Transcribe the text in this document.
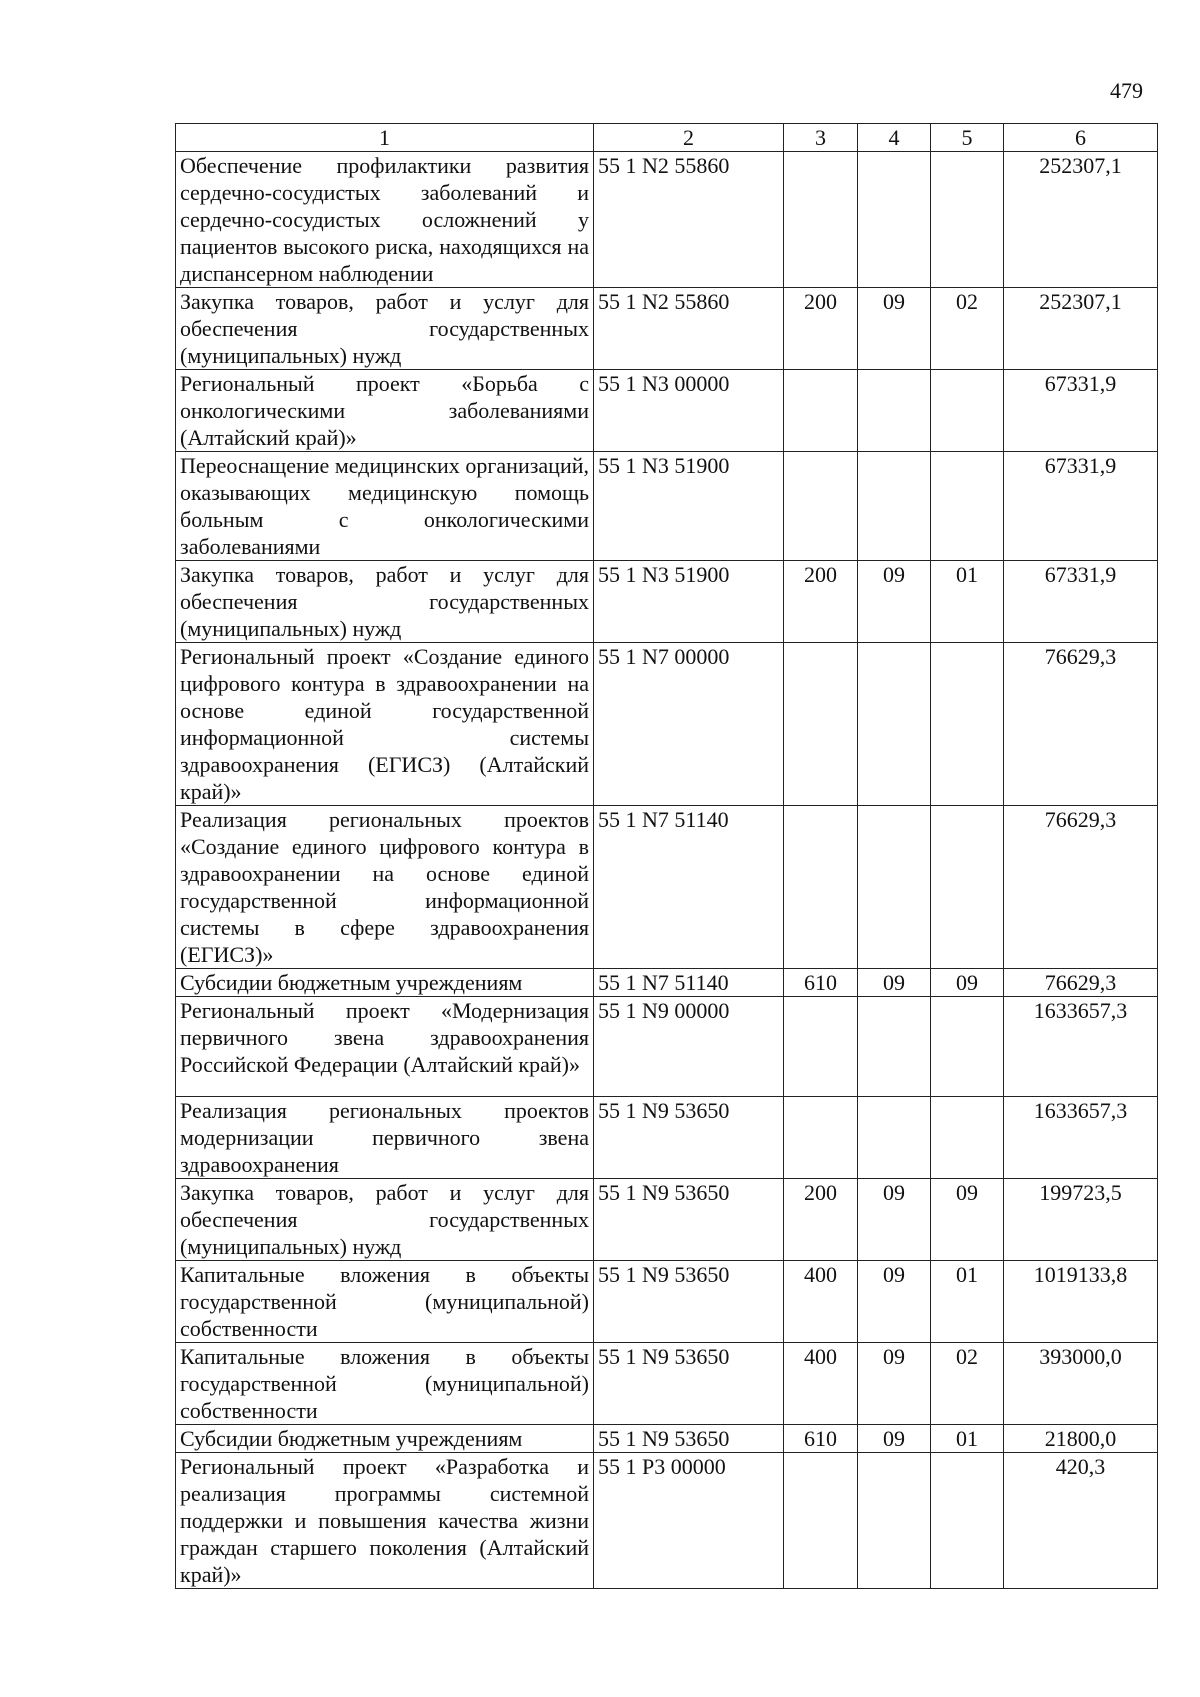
479
1	2	3	4	5	6
Обеспечение профилактики развития сердечно-сосудистых заболеваний и сердечно-сосудистых осложнений у пациентов высокого риска, находящихся на диспансерном наблюдении	55 1 N2 55860				252307,1
Закупка товаров, работ и услуг для обеспечения государственных (муниципальных) нужд	55 1 N2 55860	200	09	02	252307,1
Региональный проект «Борьба с онкологическими заболеваниями (Алтайский край)»	55 1 N3 00000				67331,9
Переоснащение медицинских организаций, оказывающих медицинскую помощь больным с онкологическими заболеваниями	55 1 N3 51900				67331,9
Закупка товаров, работ и услуг для обеспечения государственных (муниципальных) нужд	55 1 N3 51900	200	09	01	67331,9
Региональный проект «Создание единого цифрового контура в здравоохранении на основе единой государственной информационной системы здравоохранения (ЕГИСЗ) (Алтайский край)»	55 1 N7 00000				76629,3
Реализация региональных проектов «Создание единого цифрового контура в здравоохранении на основе единой государственной информационной системы в сфере здравоохранения (ЕГИСЗ)»	55 1 N7 51140				76629,3
Субсидии бюджетным учреждениям	55 1 N7 51140	610	09	09	76629,3
Региональный проект «Модернизация первичного звена здравоохранения Российской Федерации (Алтайский край)»	55 1 N9 00000				1633657,3
Реализация региональных проектов модернизации первичного звена здравоохранения	55 1 N9 53650				1633657,3
Закупка товаров, работ и услуг для обеспечения государственных (муниципальных) нужд	55 1 N9 53650	200	09	09	199723,5
Капитальные вложения в объекты государственной (муниципальной) собственности	55 1 N9 53650	400	09	01	1019133,8
Капитальные вложения в объекты государственной (муниципальной) собственности	55 1 N9 53650	400	09	02	393000,0
Субсидии бюджетным учреждениям	55 1 N9 53650	610	09	01	21800,0
Региональный проект «Разработка и реализация программы системной поддержки и повышения качества жизни граждан старшего поколения (Алтайский край)»	55 1 P3 00000				420,3
